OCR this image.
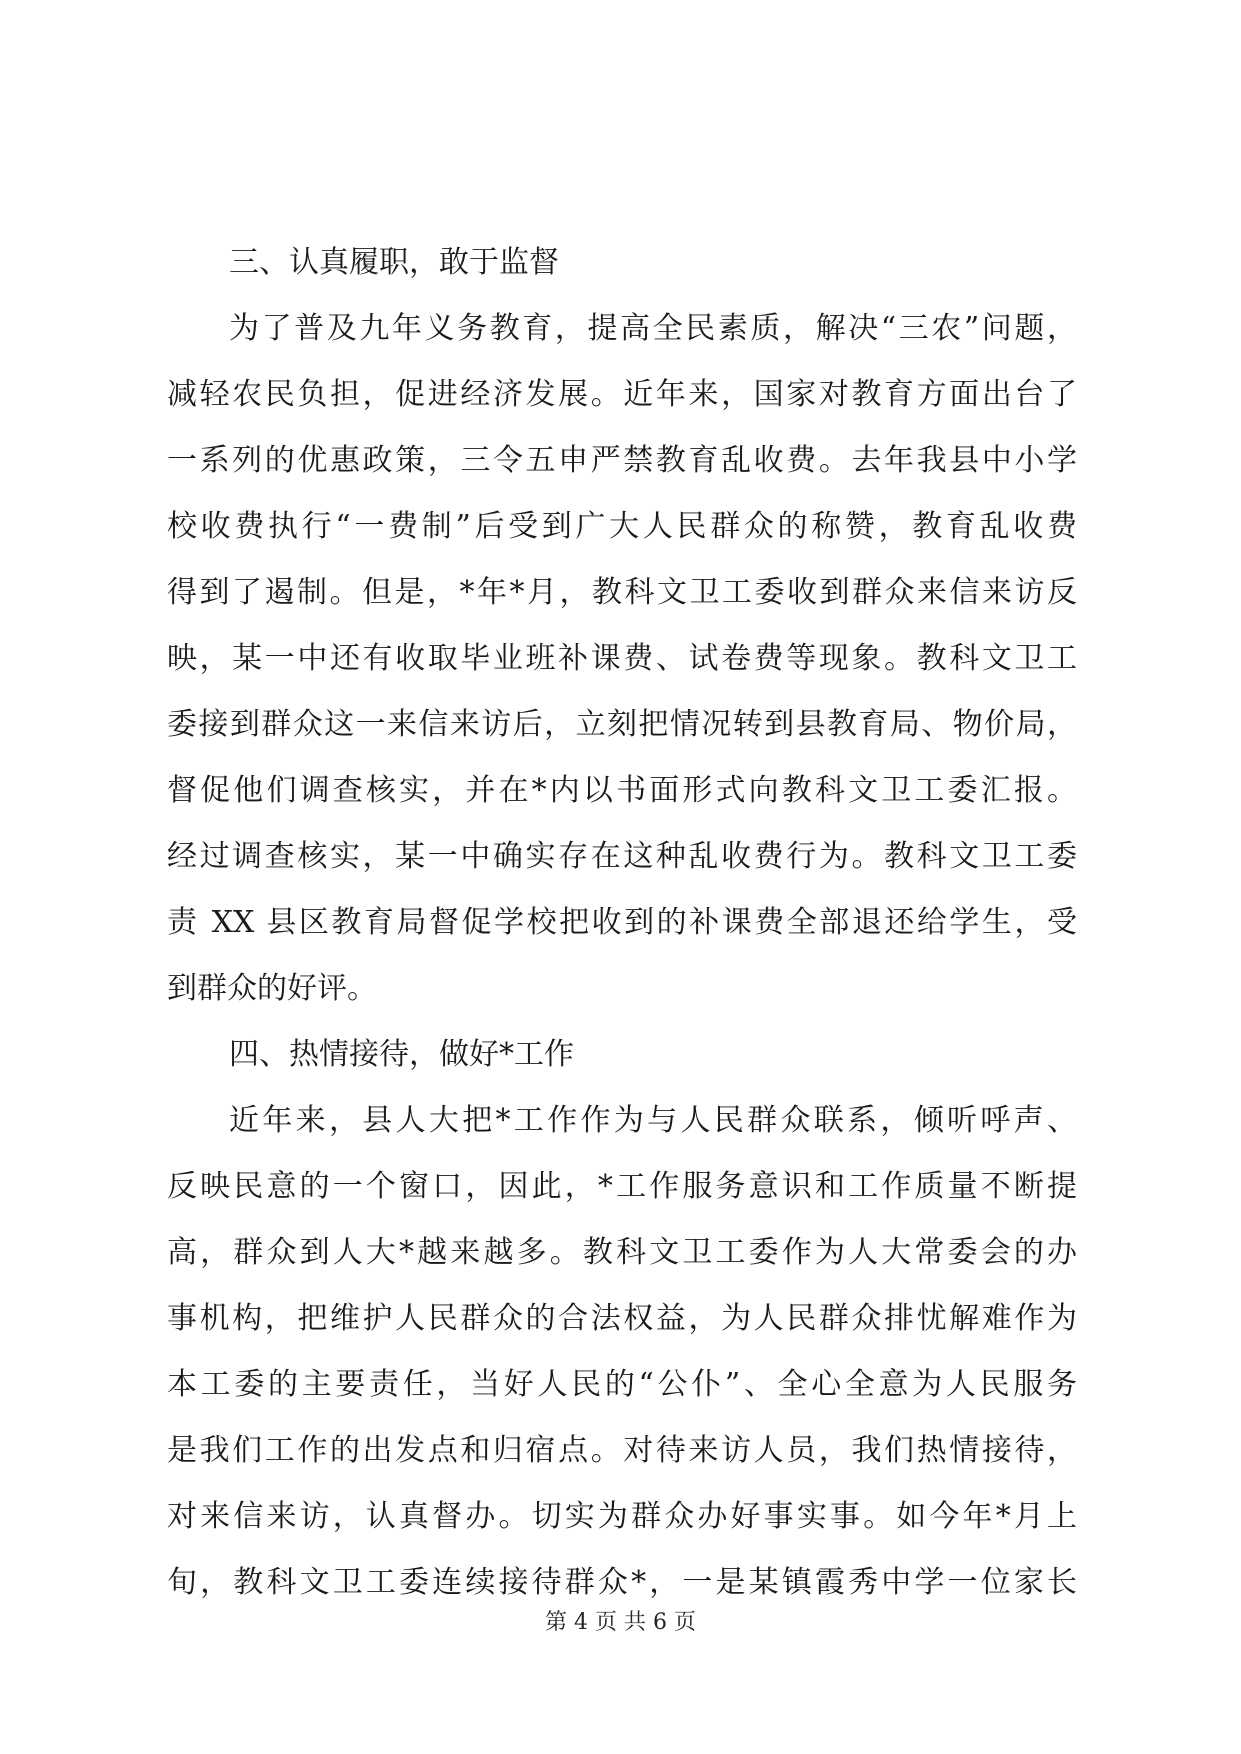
三、认真履职，敢于监督
为了普及九年义务教育，提高全民素质，解决“三农”问题，
减轻农民负担，促进经济发展。近年来，国家对教育方面出台了
一系列的优惠政策，三令五申严禁教育乱收费。去年我县中小学
校收费执行“一费制”后受到广大人民群众的称赞，教育乱收费
得到了遏制。但是，*年*月，教科文卫工委收到群众来信来访反
映，某一中还有收取毕业班补课费、试卷费等现象。教科文卫工
委接到群众这一来信来访后，立刻把情况转到县教育局、物价局，
督促他们调查核实，并在*内以书面形式向教科文卫工委汇报。
经过调查核实，某一中确实存在这种乱收费行为。教科文卫工委
责 XX 县区教育局督促学校把收到的补课费全部退还给学生，受
到群众的好评。
四、热情接待，做好*工作
近年来，县人大把*工作作为与人民群众联系，倾听呼声、
反映民意的一个窗口，因此，*工作服务意识和工作质量不断提
高，群众到人大*越来越多。教科文卫工委作为人大常委会的办
事机构，把维护人民群众的合法权益，为人民群众排忧解难作为
本工委的主要责任，当好人民的“公仆”、全心全意为人民服务
是我们工作的出发点和归宿点。对待来访人员，我们热情接待，
对来信来访，认真督办。切实为群众办好事实事。如今年*月上
旬，教科文卫工委连续接待群众*，一是某镇霞秀中学一位家长
第 4 页 共 6 页
